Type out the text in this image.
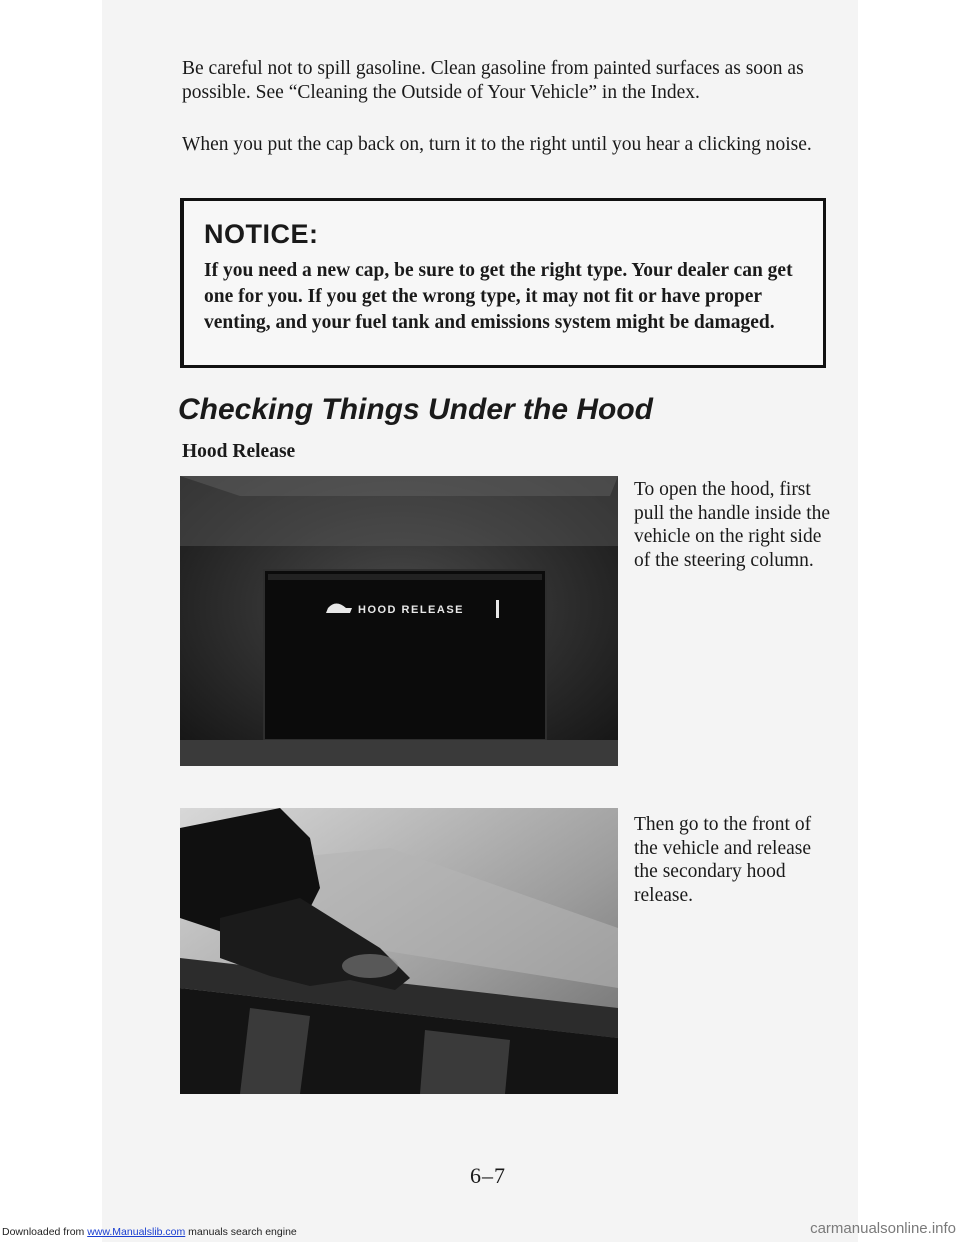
Be careful not to spill gasoline. Clean gasoline from painted surfaces as soon as possible. See “Cleaning the Outside of Your Vehicle” in the Index.

When you put the cap back on, turn it to the right until you hear a clicking noise.

NOTICE:
If you need a new cap, be sure to get the right type. Your dealer can get one for you. If you get the wrong type, it may not fit or have proper venting, and your fuel tank and emissions system might be damaged.
Checking Things Under the Hood
Hood Release
HOOD RELEASE
To open the hood, first pull the handle inside the vehicle on the right side of the steering column.
Then go to the front of the vehicle and release the secondary hood release.
6–7
Downloaded from www.Manualslib.com manuals search engine	carmanualsonline.info
